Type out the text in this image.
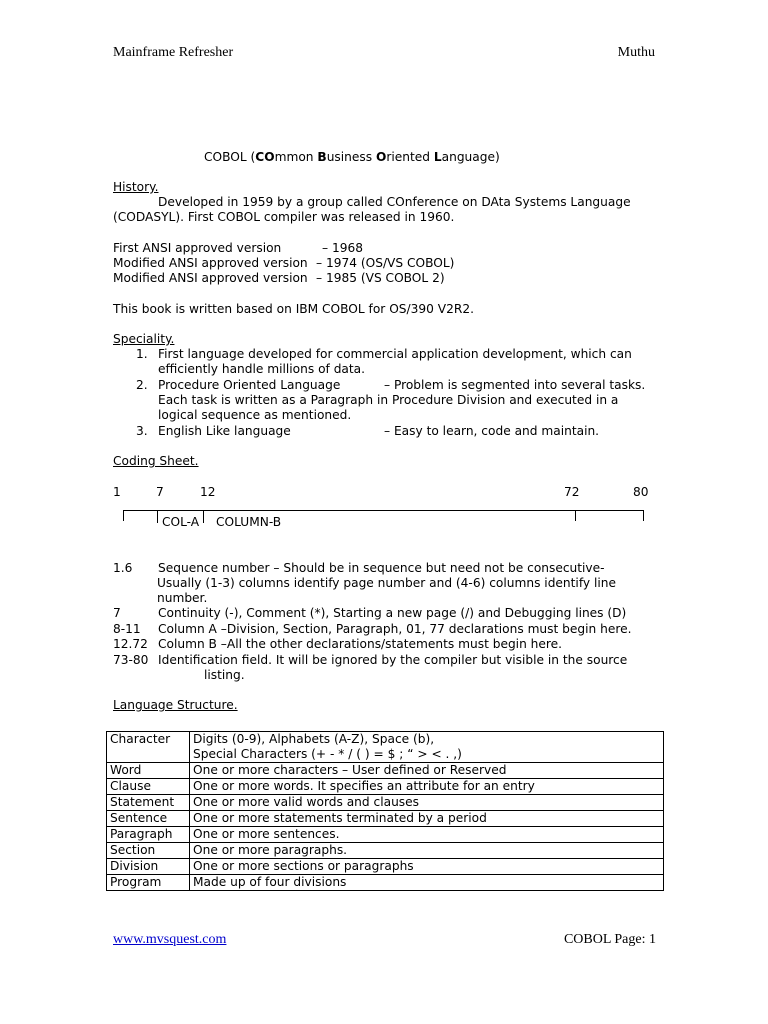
Mainframe Refresher	Muthu
COBOL (COmmon Business Oriented Language)
History.
Developed in 1959 by a group called COnference on DAta Systems Language
(CODASYL). First COBOL compiler was released in 1960.
First ANSI approved version	– 1968
Modified ANSI approved version – 1974 (OS/VS COBOL)
Modified ANSI approved version – 1985 (VS COBOL 2)
This book is written based on IBM COBOL for OS/390 V2R2.
Speciality.
1. First language developed for commercial application development, which can
efficiently handle millions of data.
2. Procedure Oriented Language	– Problem is segmented into several tasks.
Each task is written as a Paragraph in Procedure Division and executed in a
logical sequence as mentioned.
3. English Like language	– Easy to learn, code and maintain.
Coding Sheet.
1	7	12	72	80
COL-A COLUMN-B
1.6 Sequence number – Should be in sequence but need not be consecutive-
Usually (1-3) columns identify page number and (4-6) columns identify line
number.
7	Continuity (-), Comment (*), Starting a new page (/) and Debugging lines (D)
8-11 Column A –Division, Section, Paragraph, 01, 77 declarations must begin here.
12.72 Column B –All the other declarations/statements must begin here.
73-80 Identification field. It will be ignored by the compiler but visible in the source
listing.
Language Structure.
Character	Digits (0-9), Alphabets (A-Z), Space (b),
Special Characters (+ - * / ( ) = $ ; “ > < . ,)

Word	One or more characters – User defined or Reserved
Clause	One or more words. It specifies an attribute for an entry
Statement	One or more valid words and clauses
Sentence	One or more statements terminated by a period
Paragraph	One or more sentences.
Section	One or more paragraphs.
Division	One or more sections or paragraphs
Program	Made up of four divisions
www.mvsquest.com	COBOL Page: 1
